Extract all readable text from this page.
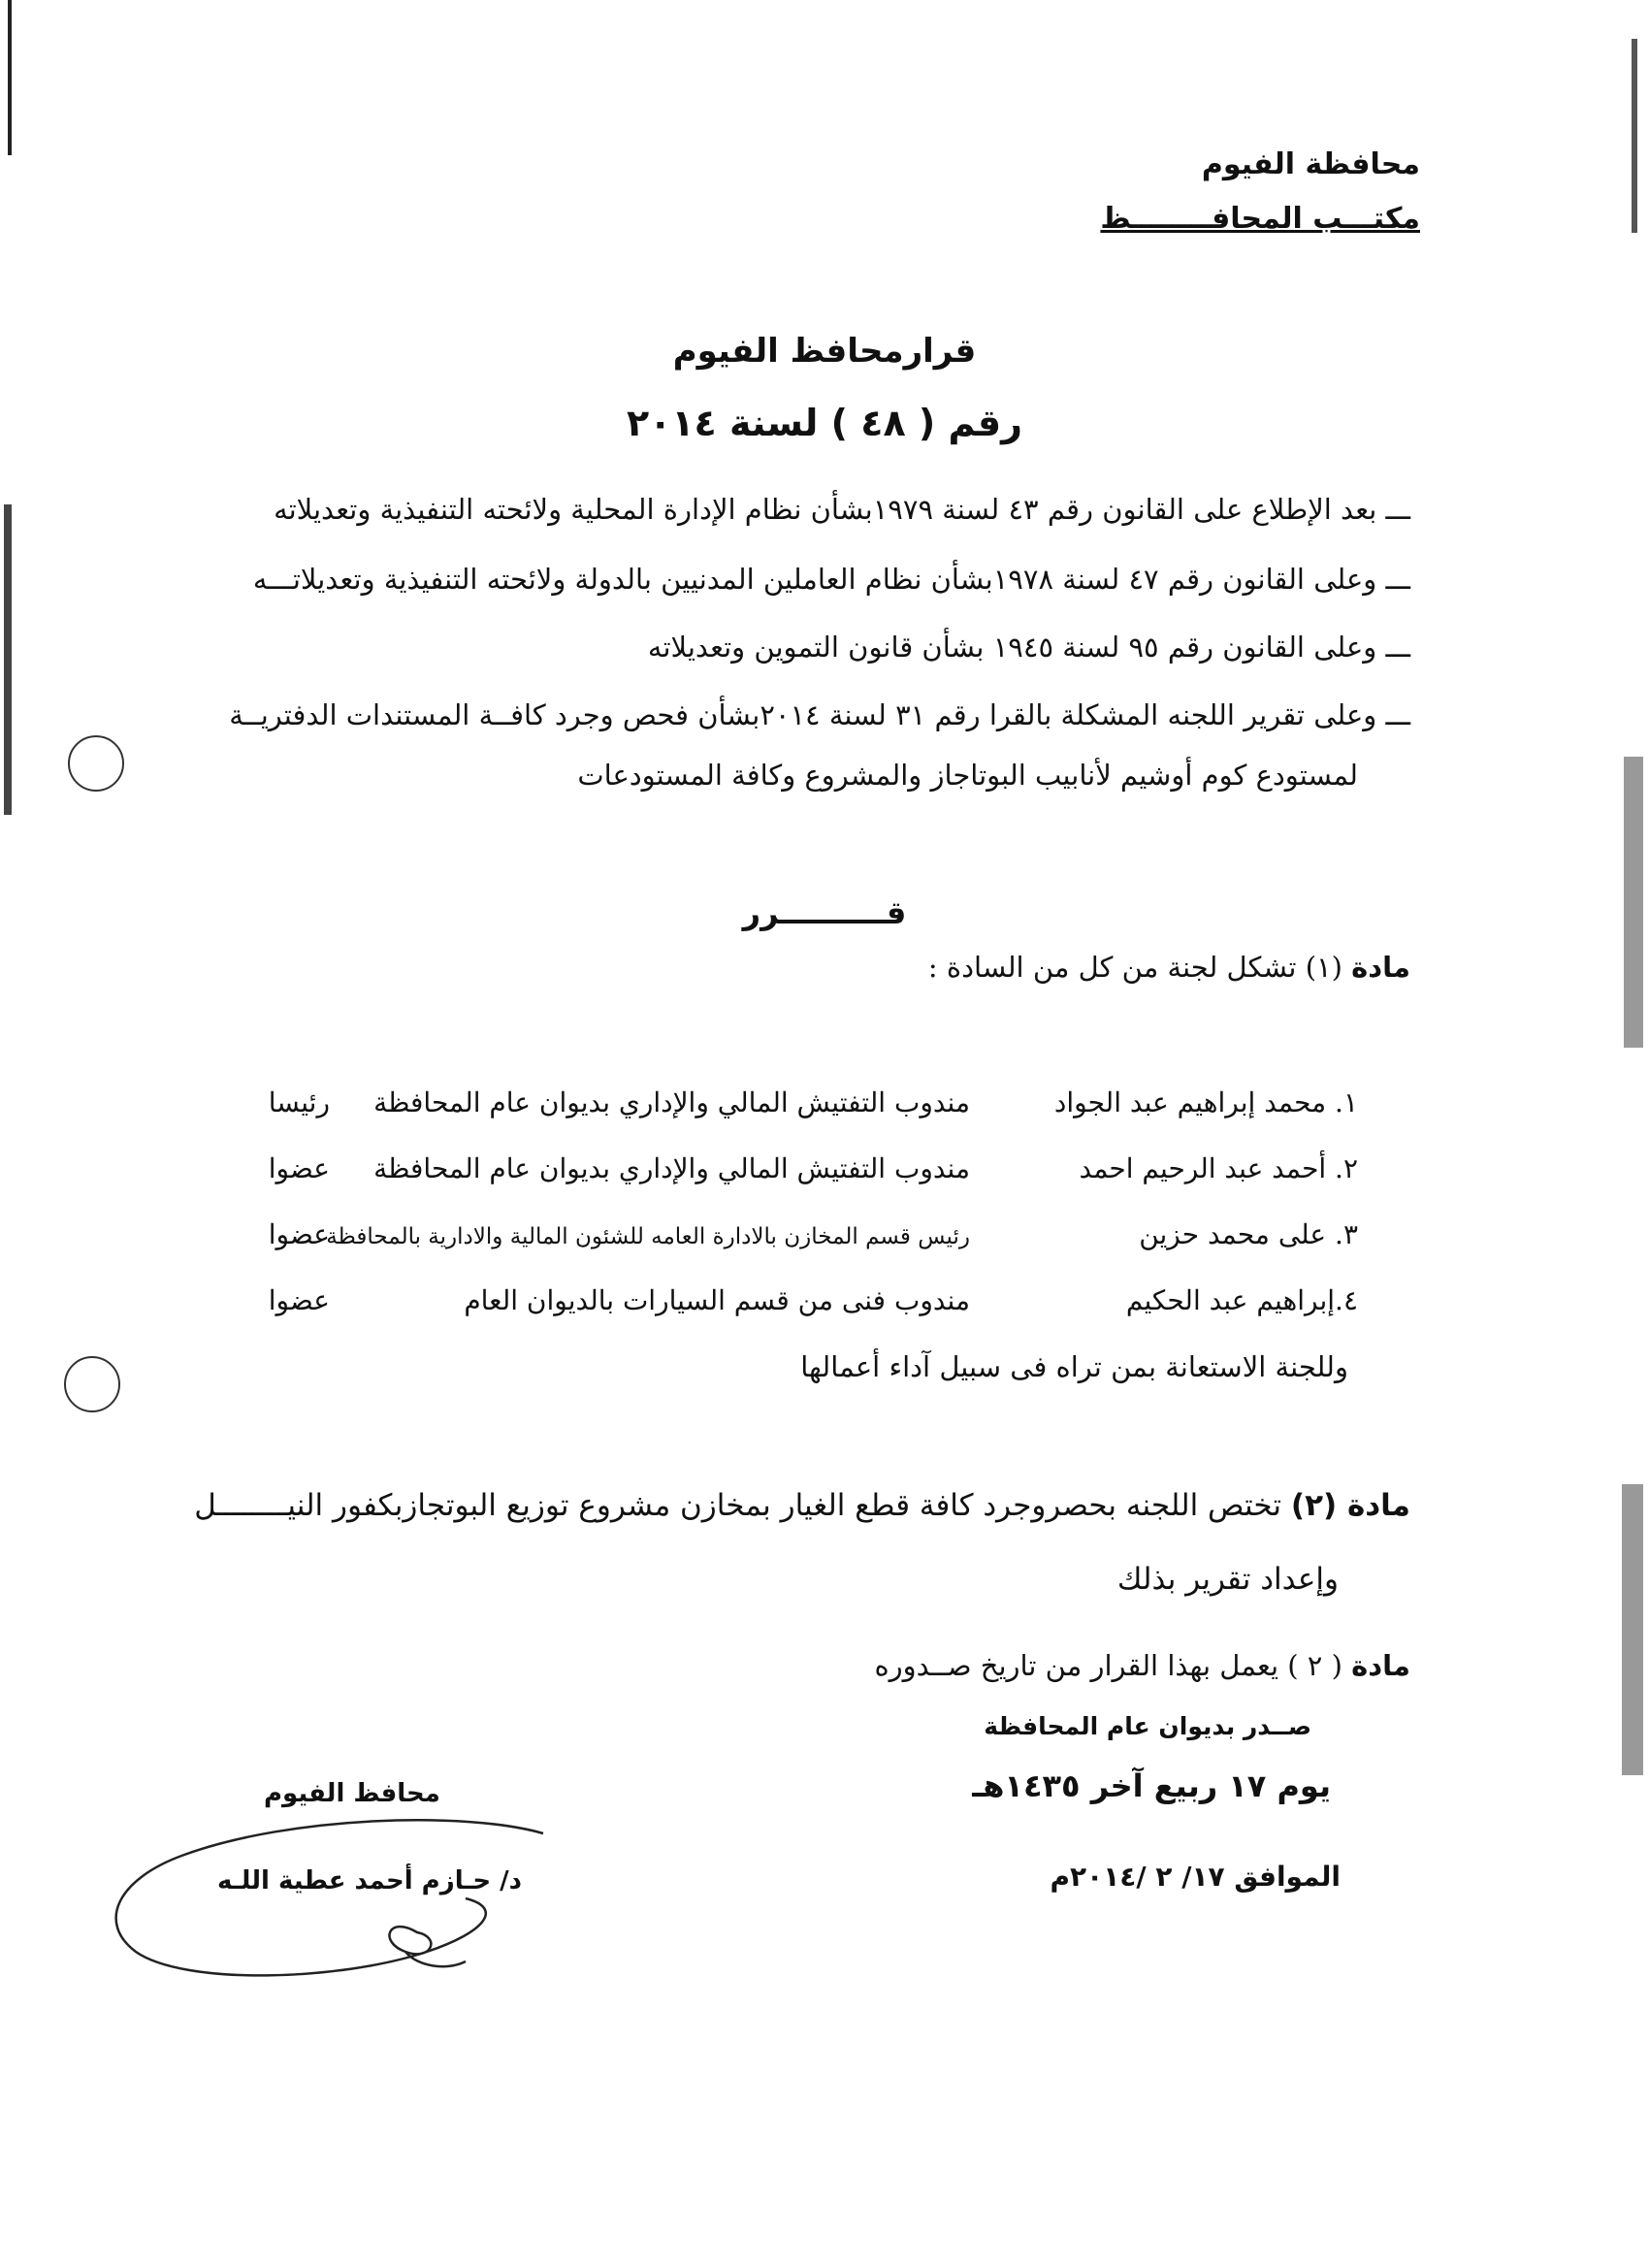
محافظة الفيوم
مكتـــب المحافــــــــظ
قرارمحافظ الفيوم
رقم ( ٤٨ ) لسنة ٢٠١٤
ـــ بعد الإطلاع على القانون رقم ٤٣ لسنة ١٩٧٩بشأن نظام الإدارة المحلية ولائحته التنفيذية وتعديلاته
ـــ وعلى القانون رقم ٤٧ لسنة ١٩٧٨بشأن نظام العاملين المدنيين بالدولة ولائحته التنفيذية وتعديلاتـــه
ـــ وعلى القانون رقم ٩٥ لسنة ١٩٤٥ بشأن قانون التموين وتعديلاته
ـــ وعلى تقرير اللجنه المشكلة بالقرا رقم ٣١ لسنة ٢٠١٤بشأن فحص وجرد كافــة المستندات الدفتريــة
لمستودع كوم أوشيم لأنابيب البوتاجاز والمشروع وكافة المستودعات
قــــــــــرر
مادة (١) تشكل لجنة من كل من السادة :
١. محمد إبراهيم عبد الجواد
مندوب التفتيش المالي والإداري بديوان عام المحافظة
رئيسا
٢. أحمد عبد الرحيم احمد
مندوب التفتيش المالي والإداري بديوان عام المحافظة
عضوا
٣. على محمد حزين
رئيس قسم المخازن بالادارة العامه للشئون المالية والادارية بالمحافظة
عضوا
٤.إبراهيم عبد الحكيم
مندوب فنى من قسم السيارات بالديوان العام
عضوا
وللجنة الاستعانة بمن تراه فى سبيل آداء أعمالها
مادة (٢) تختص اللجنه بحصروجرد كافة قطع الغيار بمخازن مشروع توزيع البوتجازبكفور النيــــــــل
وإعداد تقرير بذلك
مادة ( ٢ ) يعمل بهذا القرار من تاريخ صــدوره
صــدر بديوان عام المحافظة
يوم ١٧ ربيع آخر ١٤٣٥هـ
الموافق ١٧/ ٢ /٢٠١٤م
محافظ الفيوم
د/ حـازم أحمد عطية اللـه
